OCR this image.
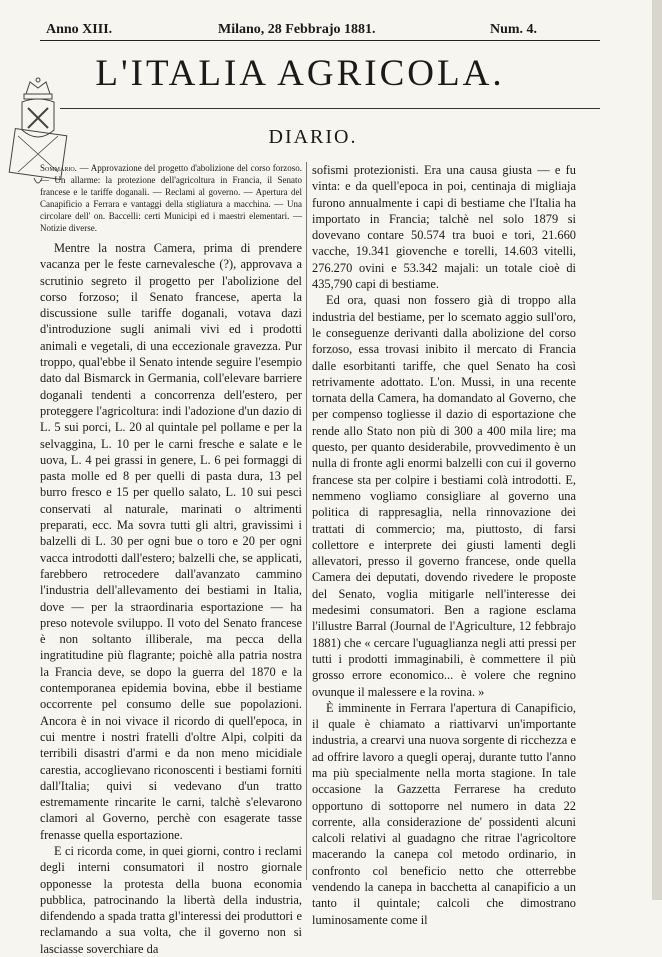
Anno XIII.	Milano, 28 Febbrajo 1881.	Num. 4.
L'ITALIA AGRICOLA.
DIARIO.

Sommario. — Approvazione del progetto d'abolizione del corso forzoso. — Un allarme: la protezione dell'agricoltura in Francia, il Senato francese e le tariffe doganali. — Reclami al governo. — Apertura del Canapificio a Ferrara e vantaggi della stigliatura a macchina. — Una circolare dell' on. Baccelli: certi Municipi ed i maestri elementari. — Notizie diverse.

Mentre la nostra Camera, prima di prendere vacanza per le feste carnevalesche (?), approvava a scrutinio segreto il progetto per l'abolizione del corso forzoso; il Senato francese, aperta la discussione sulle tariffe doganali, votava dazi d'introduzione sugli animali vivi ed i prodotti animali e vegetali, di una eccezionale gravezza. Pur troppo, qual'ebbe il Senato intende seguire l'esempio dato dal Bismarck in Germania, coll'elevare barriere doganali tendenti a concorrenza dell'estero, per proteggere l'agricoltura: indi l'adozione d'un dazio di L. 5 sui porci, L. 20 al quintale pel pollame e per la selvaggina, L. 10 per le carni fresche e salate e le uova, L. 4 pei grassi in genere, L. 6 pei formaggi di pasta molle ed 8 per quelli di pasta dura, 13 pel burro fresco e 15 per quello salato, L. 10 sui pesci conservati al naturale, marinati o altrimenti preparati, ecc. Ma sovra tutti gli altri, gravissimi i balzelli di L. 30 per ogni bue o toro e 20 per ogni vacca introdotti dall'estero; balzelli che, se applicati, farebbero retrocedere dall'avanzato cammino l'industria dell'allevamento dei bestiami in Italia, dove — per la straordinaria esportazione — ha preso notevole sviluppo. Il voto del Senato francese è non soltanto illiberale, ma pecca della ingratitudine più flagrante; poichè alla patria nostra la Francia deve, se dopo la guerra del 1870 e la contemporanea epidemia bovina, ebbe il bestiame occorrente pel consumo delle sue popolazioni. Ancora è in noi vivace il ricordo di quell'epoca, in cui mentre i nostri fratelli d'oltre Alpi, colpiti da terribili disastri d'armi e da non meno micidiale carestia, accoglievano riconoscenti i bestiami forniti dall'Italia; quivi si vedevano d'un tratto estremamente rincarite le carni, talchè s'elevarono clamori al Governo, perchè con esagerate tasse frenasse quella esportazione.

E ci ricorda come, in quei giorni, contro i reclami degli interni consumatori il nostro giornale opponesse la protesta della buona economia pubblica, patrocinando la libertà della industria, difendendo a spada tratta gl'interessi dei produttori e reclamando a sua volta, che il governo non si lasciasse soverchiare da

sofismi protezionisti. Era una causa giusta — e fu vinta: e da quell'epoca in poi, centinaja di migliaja furono annualmente i capi di bestiame che l'Italia ha importato in Francia; talchè nel solo 1879 si dovevano contare 50.574 tra buoi e tori, 21.660 vacche, 19.341 giovenche e torelli, 14.603 vitelli, 276.270 ovini e 53.342 majali: un totale cioè di 435,790 capi di bestiame.

Ed ora, quasi non fossero già di troppo alla industria del bestiame, per lo scemato aggio sull'oro, le conseguenze derivanti dalla abolizione del corso forzoso, essa trovasi inibito il mercato di Francia dalle esorbitanti tariffe, che quel Senato ha così retrivamente adottato. L'on. Mussi, in una recente tornata della Camera, ha domandato al Governo, che per compenso togliesse il dazio di esportazione che rende allo Stato non più di 300 a 400 mila lire; ma questo, per quanto desiderabile, provvedimento è un nulla di fronte agli enormi balzelli con cui il governo francese sta per colpire i bestiami colà introdotti. E, nemmeno vogliamo consigliare al governo una politica di rappresaglia, nella rinnovazione dei trattati di commercio; ma, piuttosto, di farsi collettore e interprete dei giusti lamenti degli allevatori, presso il governo francese, onde quella Camera dei deputati, dovendo rivedere le proposte del Senato, voglia mitigarle nell'interesse dei medesimi consumatori. Ben a ragione esclama l'illustre Barral (Journal de l'Agriculture, 12 febbrajo 1881) che « cercare l'uguaglianza negli atti pressi per tutti i prodotti immaginabili, è commettere il più grosso errore economico... è volere che regnino ovunque il malessere e la rovina. »

È imminente in Ferrara l'apertura di Canapificio, il quale è chiamato a riattivarvi un'importante industria, a crearvi una nuova sorgente di ricchezza e ad offrire lavoro a quegli operaj, durante tutto l'anno ma più specialmente nella morta stagione. In tale occasione la Gazzetta Ferrarese ha creduto opportuno di sottoporre nel numero in data 22 corrente, alla considerazione de' possidenti alcuni calcoli relativi al guadagno che ritrae l'agricoltore macerando la canepa col metodo ordinario, in confronto col beneficio netto che otterrebbe vendendo la canepa in bacchetta al canapificio a un tanto il quintale; calcoli che dimostrano luminosamente come il
